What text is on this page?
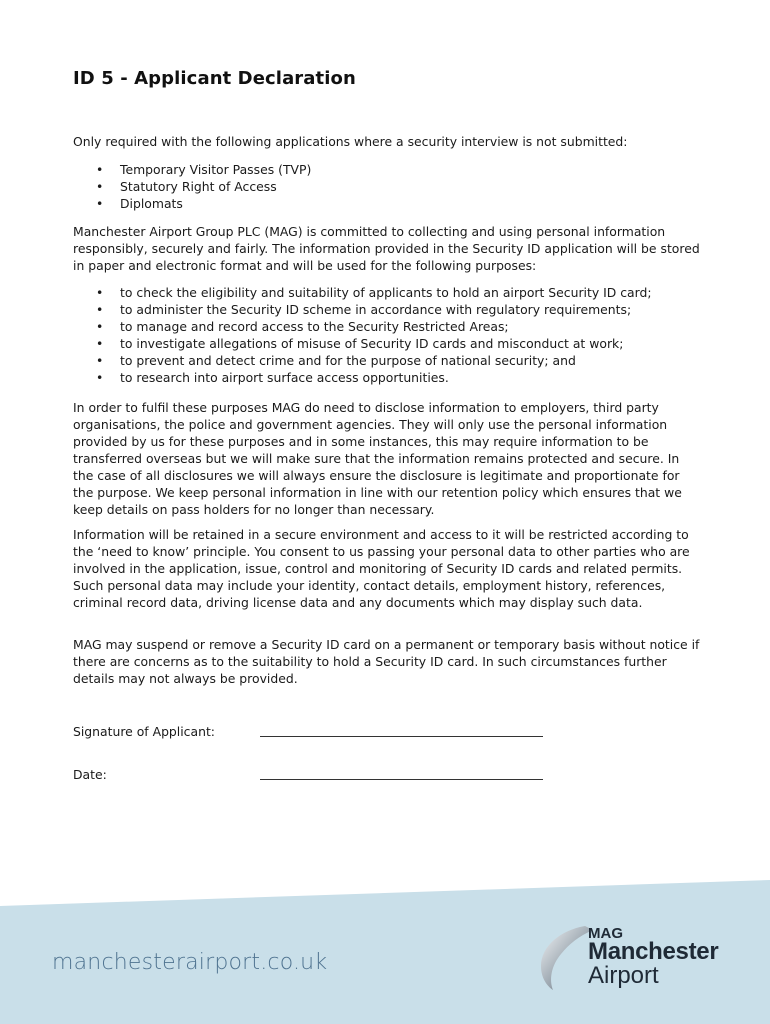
ID 5 - Applicant Declaration

Only required with the following applications where a security interview is not submitted:

• Temporary Visitor Passes (TVP)
• Statutory Right of Access
• Diplomats

Manchester Airport Group PLC (MAG) is committed to collecting and using personal information responsibly, securely and fairly. The information provided in the Security ID application will be stored in paper and electronic format and will be used for the following purposes:

• to check the eligibility and suitability of applicants to hold an airport Security ID card;
• to administer the Security ID scheme in accordance with regulatory requirements;
• to manage and record access to the Security Restricted Areas;
• to investigate allegations of misuse of Security ID cards and misconduct at work;
• to prevent and detect crime and for the purpose of national security; and
• to research into airport surface access opportunities.

In order to fulfil these purposes MAG do need to disclose information to employers, third party organisations, the police and government agencies. They will only use the personal information provided by us for these purposes and in some instances, this may require information to be transferred overseas but we will make sure that the information remains protected and secure. In the case of all disclosures we will always ensure the disclosure is legitimate and proportionate for the purpose. We keep personal information in line with our retention policy which ensures that we keep details on pass holders for no longer than necessary.

Information will be retained in a secure environment and access to it will be restricted according to the ‘need to know’ principle. You consent to us passing your personal data to other parties who are involved in the application, issue, control and monitoring of Security ID cards and related permits. Such personal data may include your identity, contact details, employment history, references, criminal record data, driving license data and any documents which may display such data.

MAG may suspend or remove a Security ID card on a permanent or temporary basis without notice if there are concerns as to the suitability to hold a Security ID card. In such circumstances further details may not always be provided.

Signature of Applicant:

Date:

manchesterairport.co.uk

MAG

Manchester

Airport
